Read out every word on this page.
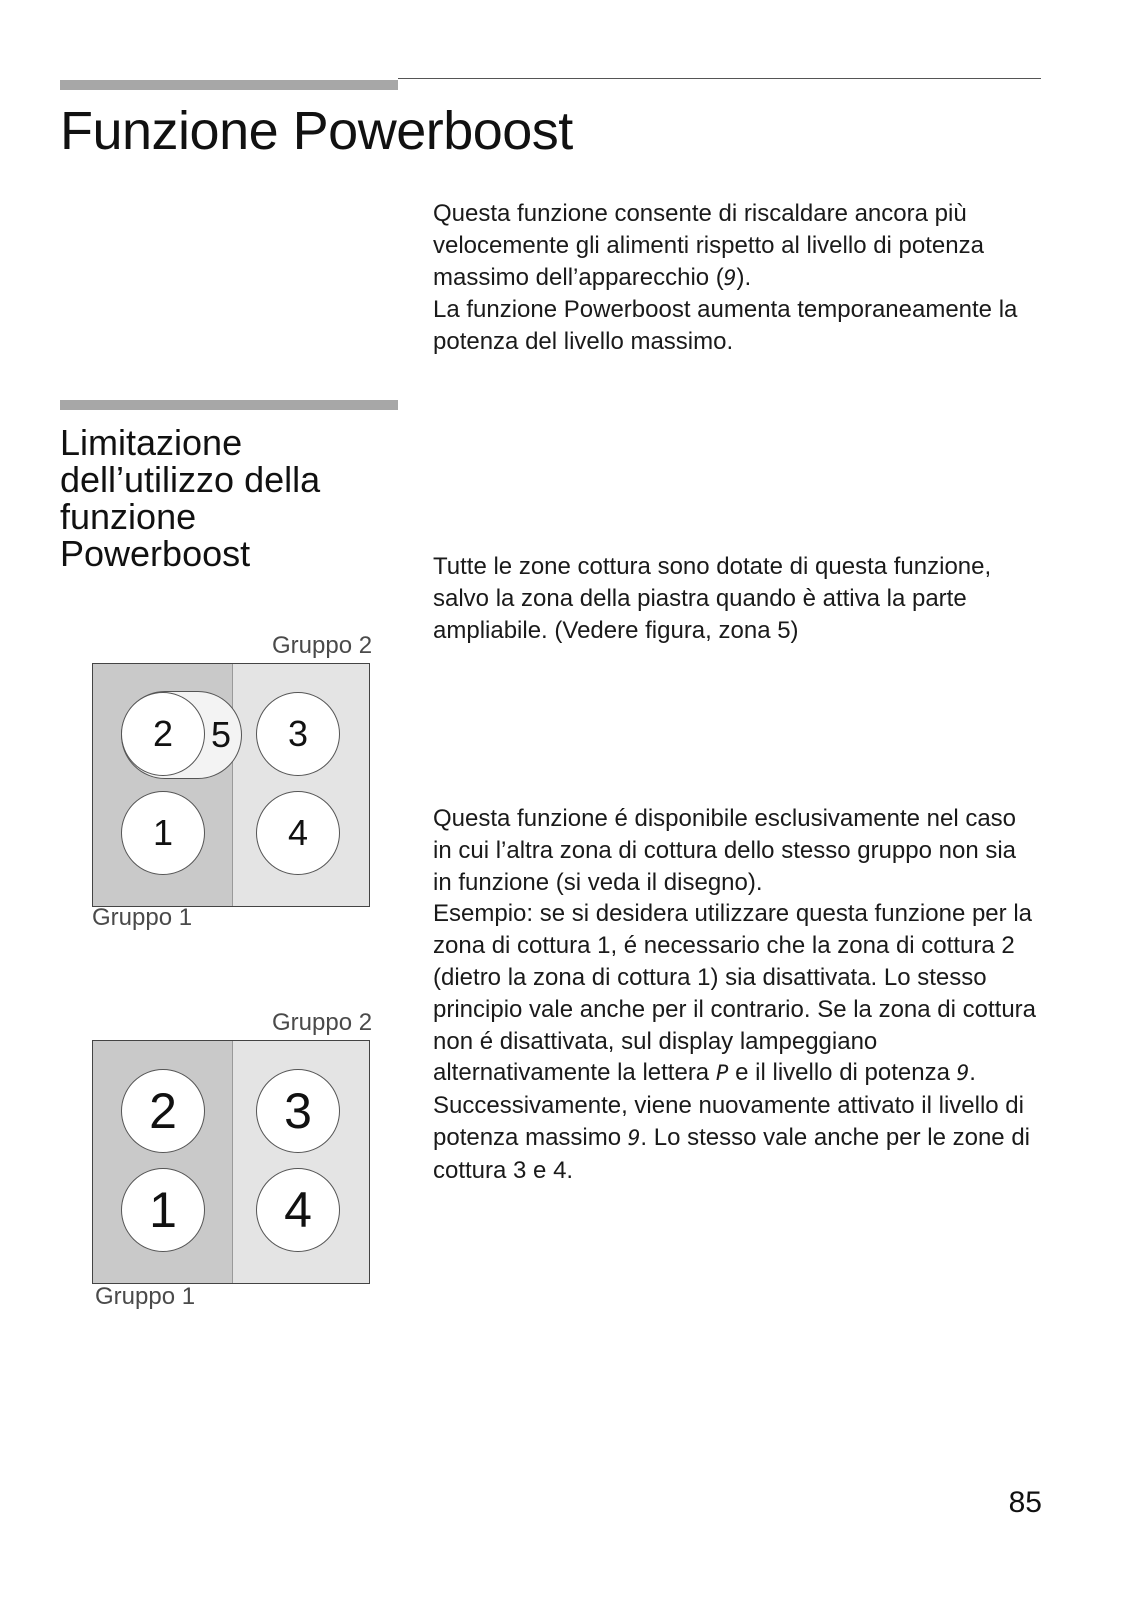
Funzione Powerboost

Questa funzione consente di riscaldare ancora più velocemente gli alimenti rispetto al livello di potenza massimo dell’apparecchio (9).

La funzione Powerboost aumenta temporaneamente la potenza del livello massimo.

Limitazione dell’utilizzo della funzione Powerboost	Tutte le zone cottura sono dotate di questa funzione, salvo la zona della piastra quando è attiva la parte ampliabile. (Vedere figura, zona 5)

Questa funzione é disponibile esclusivamente nel caso in cui l’altra zona di cottura dello stesso gruppo non sia in funzione (si veda il disegno).

Esempio: se si desidera utilizzare questa funzione per la zona di cottura 1, é necessario che la zona di cottura 2 (dietro la zona di cottura 1) sia disattivata. Lo stesso principio vale anche per il contrario. Se la zona di cottura non é disattivata, sul display lampeggiano alternativamente la lettera P e il livello di potenza 9. Successivamente, viene nuovamente attivato il livello di potenza massimo 9. Lo stesso vale anche per le zone di cottura 3 e 4.

Gruppo 2
5
2	3
1	4
Gruppo 1
Gruppo 2
2 3
1 4
Gruppo 1
85
